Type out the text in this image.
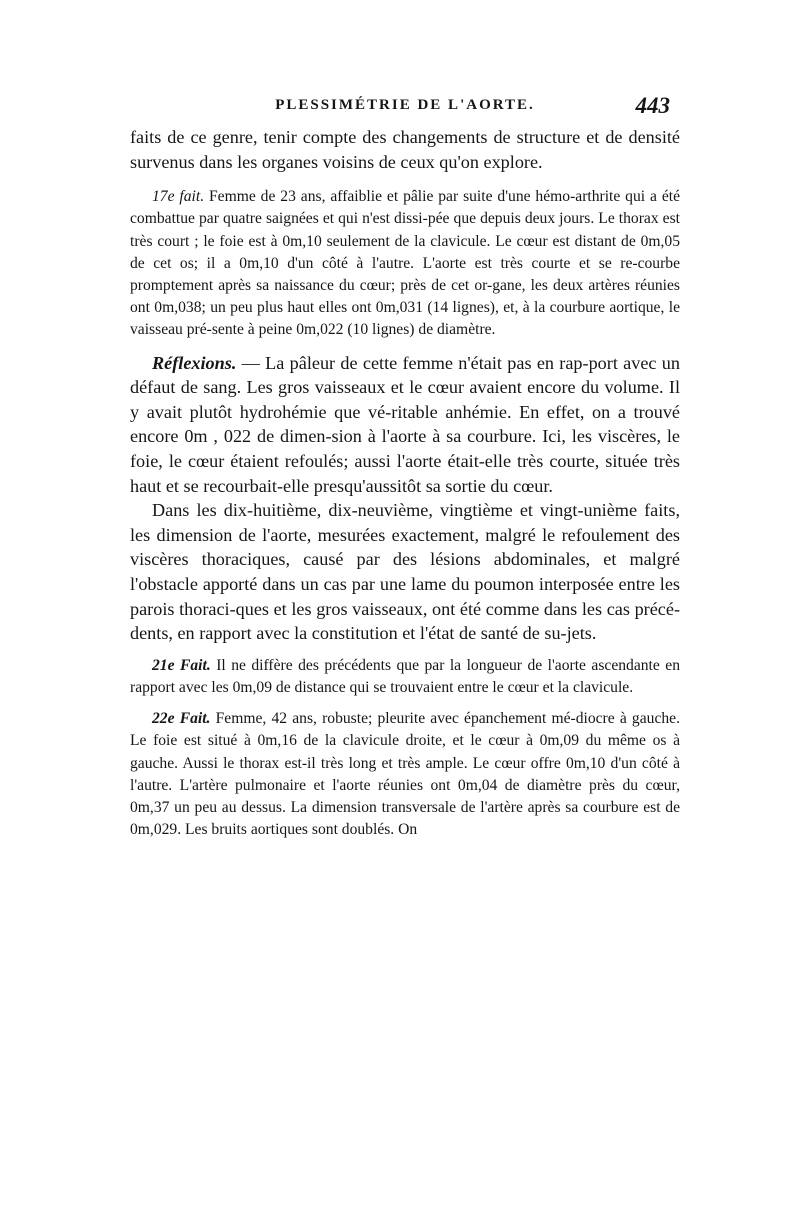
PLESSIMÉTRIE DE L'AORTE.	443

faits de ce genre, tenir compte des changements de structure et de densité survenus dans les organes voisins de ceux qu'on explore.

17e fait. Femme de 23 ans, affaiblie et pâlie par suite d'une hémo-arthrite qui a été combattue par quatre saignées et qui n'est dissi-pée que depuis deux jours. Le thorax est très court ; le foie est à 0m,10 seulement de la clavicule. Le cœur est distant de 0m,05 de cet os; il a 0m,10 d'un côté à l'autre. L'aorte est très courte et se re-courbe promptement après sa naissance du cœur; près de cet or-gane, les deux artères réunies ont 0m,038; un peu plus haut elles ont 0m,031 (14 lignes), et, à la courbure aortique, le vaisseau pré-sente à peine 0m,022 (10 lignes) de diamètre.

Réflexions. — La pâleur de cette femme n'était pas en rap-port avec un défaut de sang. Les gros vaisseaux et le cœur avaient encore du volume. Il y avait plutôt hydrohémie que vé-ritable anhémie. En effet, on a trouvé encore 0m , 022 de dimen-sion à l'aorte à sa courbure. Ici, les viscères, le foie, le cœur étaient refoulés; aussi l'aorte était-elle très courte, située très haut et se recourbait-elle presqu'aussitôt sa sortie du cœur.

Dans les dix-huitième, dix-neuvième, vingtième et vingt-unième faits, les dimension de l'aorte, mesurées exactement, malgré le refoulement des viscères thoraciques, causé par des lésions abdominales, et malgré l'obstacle apporté dans un cas par une lame du poumon interposée entre les parois thoraci-ques et les gros vaisseaux, ont été comme dans les cas précé-dents, en rapport avec la constitution et l'état de santé de su-jets.

21e Fait. Il ne diffère des précédents que par la longueur de l'aorte ascendante en rapport avec les 0m,09 de distance qui se trouvaient entre le cœur et la clavicule.

22e Fait. Femme, 42 ans, robuste; pleurite avec épanchement mé-diocre à gauche. Le foie est situé à 0m,16 de la clavicule droite, et le cœur à 0m,09 du même os à gauche. Aussi le thorax est-il très long et très ample. Le cœur offre 0m,10 d'un côté à l'autre. L'artère pulmonaire et l'aorte réunies ont 0m,04 de diamètre près du cœur, 0m,37 un peu au dessus. La dimension transversale de l'artère après sa courbure est de 0m,029. Les bruits aortiques sont doublés. On
